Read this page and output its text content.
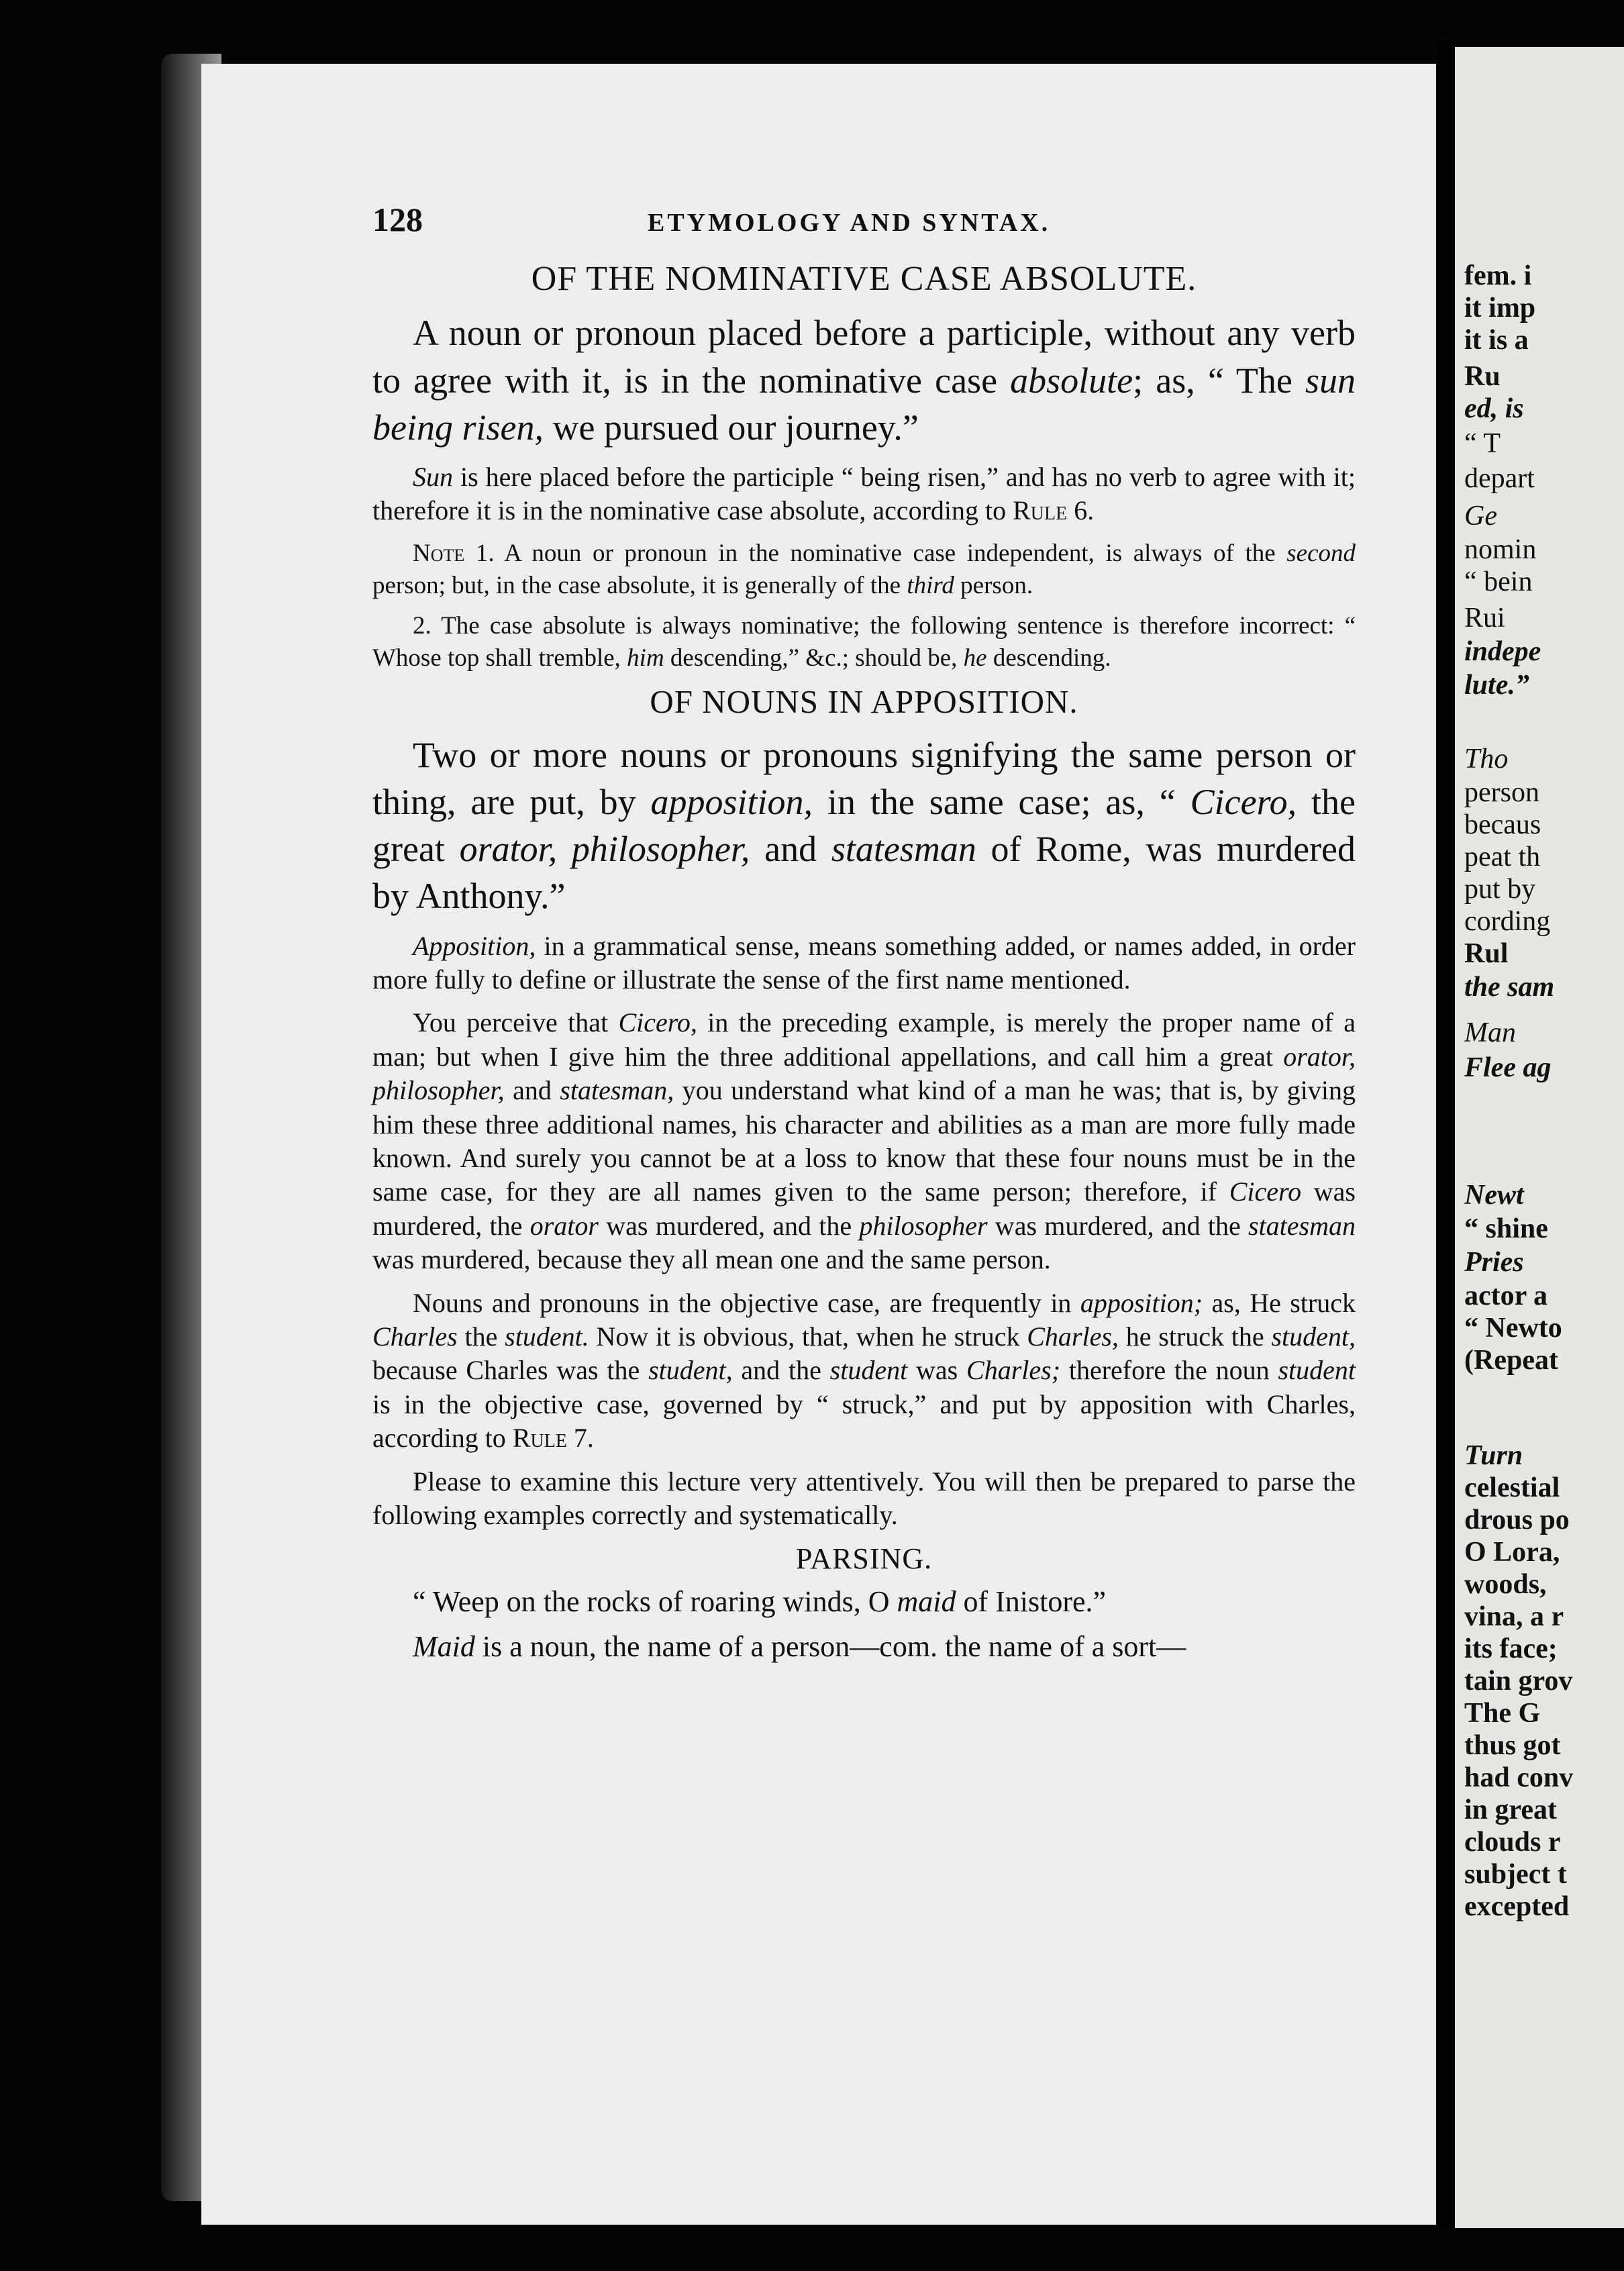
128	ETYMOLOGY AND SYNTAX.
OF THE NOMINATIVE CASE ABSOLUTE.

A noun or pronoun placed before a participle, without any verb to agree with it, is in the nominative case absolute; as, “ The sun being risen, we pursued our journey.”

Sun is here placed before the participle “ being risen,” and has no verb to agree with it; therefore it is in the nominative case absolute, according to Rule 6.

Note 1. A noun or pronoun in the nominative case independent, is always of the second person; but, in the case absolute, it is generally of the third person.

2. The case absolute is always nominative; the following sentence is therefore incorrect: “ Whose top shall tremble, him descending,” &c.; should be, he descending.

OF NOUNS IN APPOSITION.

Two or more nouns or pronouns signifying the same person or thing, are put, by apposition, in the same case; as, “ Cicero, the great orator, philosopher, and statesman of Rome, was murdered by Anthony.”

Apposition, in a grammatical sense, means something added, or names added, in order more fully to define or illustrate the sense of the first name mentioned.

You perceive that Cicero, in the preceding example, is merely the proper name of a man; but when I give him the three additional appellations, and call him a great orator, philosopher, and statesman, you understand what kind of a man he was; that is, by giving him these three additional names, his character and abilities as a man are more fully made known. And surely you cannot be at a loss to know that these four nouns must be in the same case, for they are all names given to the same person; therefore, if Cicero was murdered, the orator was murdered, and the philosopher was murdered, and the statesman was murdered, because they all mean one and the same person.

Nouns and pronouns in the objective case, are frequently in apposition; as, He struck Charles the student. Now it is obvious, that, when he struck Charles, he struck the student, because Charles was the student, and the student was Charles; therefore the noun student is in the objective case, governed by “ struck,” and put by apposition with Charles, according to Rule 7.

Please to examine this lecture very attentively. You will then be prepared to parse the following examples correctly and systematically.

PARSING.

“ Weep on the rocks of roaring winds, O maid of Inistore.”

Maid is a noun, the name of a person—com. the name of a sort—

fem. i
it imp
it is a
Ru
ed, is
“ T
depart
Ge
nomin
“ bein
Rui
indepe
lute.”
Tho
person
becaus
peat th
put by
cording
Rul
the sam
Man
Flee ag
Newt
“ shine
Pries
actor a
“ Newto
(Repeat
Turn
celestial
drous po
O Lora,
woods,
vina, a r
its face;
tain grov
The G
thus got
had conv
in great
clouds r
subject t
excepted
